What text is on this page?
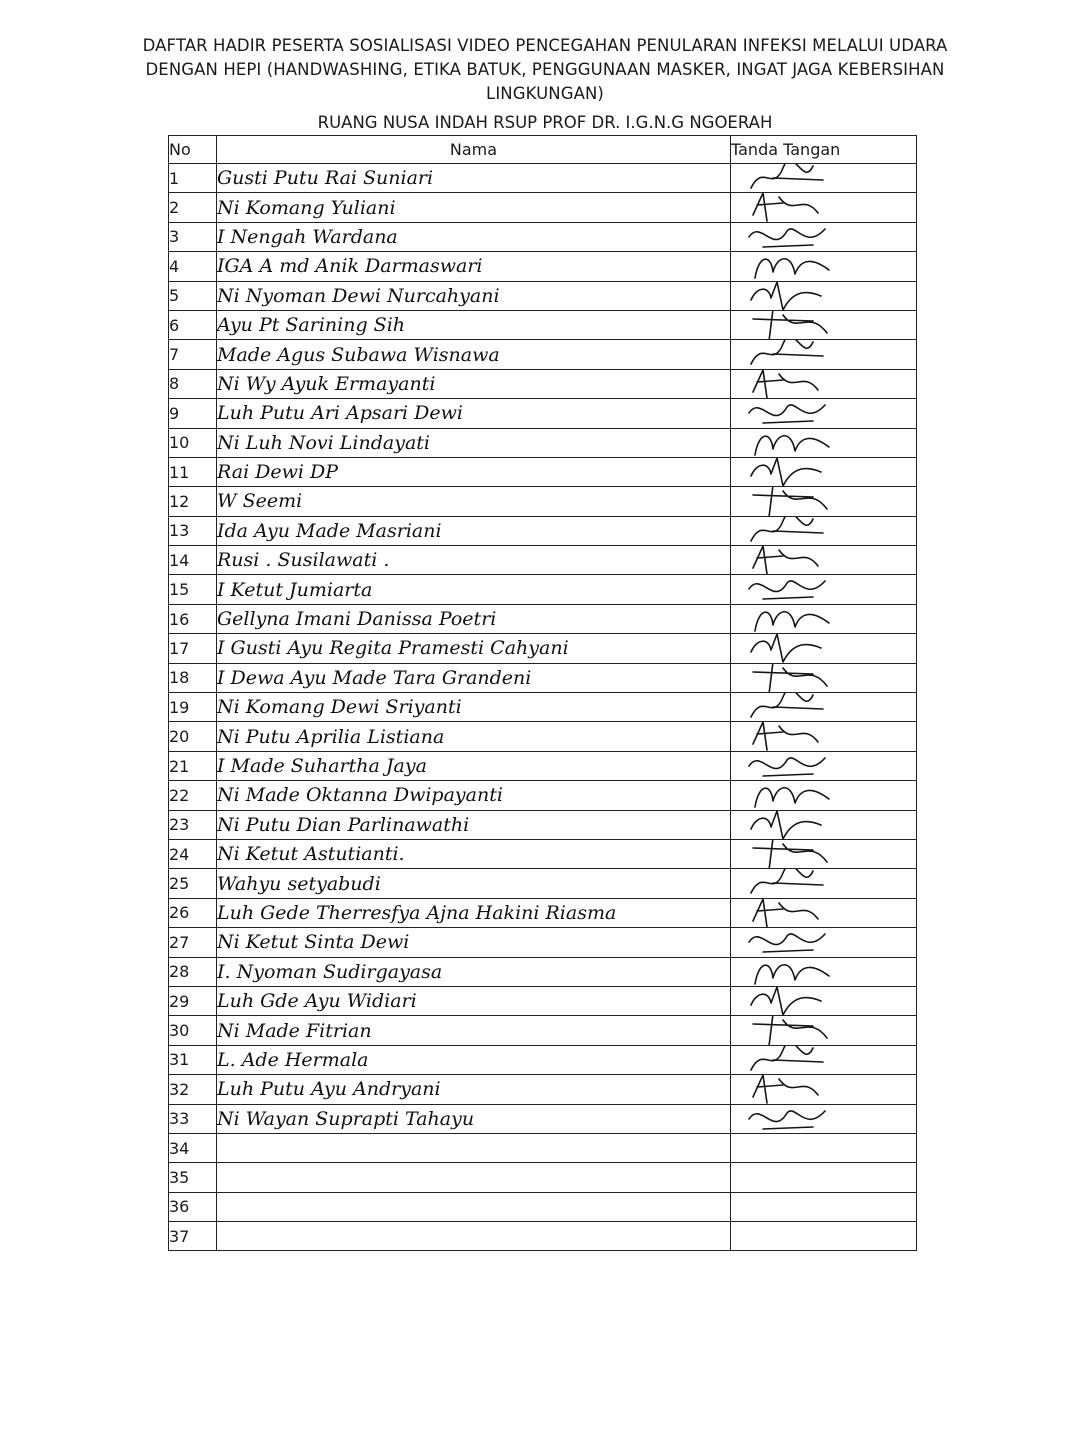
DAFTAR HADIR PESERTA SOSIALISASI VIDEO PENCEGAHAN PENULARAN INFEKSI MELALUI UDARA
DENGAN HEPI (HANDWASHING, ETIKA BATUK, PENGGUNAAN MASKER, INGAT JAGA KEBERSIHAN
LINGKUNGAN)
RUANG NUSA INDAH RSUP PROF DR. I.G.N.G NGOERAH
No	Nama	Tanda Tangan
1	Gusti Putu Rai Suniari	

2	Ni Komang Yuliani	

3	I Nengah Wardana	

4	IGA A md Anik Darmaswari	

5	Ni Nyoman Dewi Nurcahyani	

6	Ayu Pt Sarining Sih	

7	Made Agus Subawa Wisnawa	

8	Ni Wy Ayuk Ermayanti	

9	Luh Putu Ari Apsari Dewi	

10	Ni Luh Novi Lindayati	

11	Rai Dewi DP	

12	W Seemi	

13	Ida Ayu Made Masriani	

14	Rusi . Susilawati .	

15	I Ketut Jumiarta	

16	Gellyna Imani Danissa Poetri	

17	I Gusti Ayu Regita Pramesti Cahyani	

18	I Dewa Ayu Made Tara Grandeni	

19	Ni Komang Dewi Sriyanti	

20	Ni Putu Aprilia Listiana	

21	I Made Suhartha Jaya	

22	Ni Made Oktanna Dwipayanti	

23	Ni Putu Dian Parlinawathi	

24	Ni Ketut Astutianti.	

25	Wahyu setyabudi	

26	Luh Gede Therresfya Ajna Hakini Riasma	

27	Ni Ketut Sinta Dewi	

28	I. Nyoman Sudirgayasa	

29	Luh Gde Ayu Widiari	

30	Ni Made Fitrian	

31	L. Ade Hermala	

32	Luh Putu Ayu Andryani	

33	Ni Wayan Suprapti Tahayu	

34		
35		
36		
37		
